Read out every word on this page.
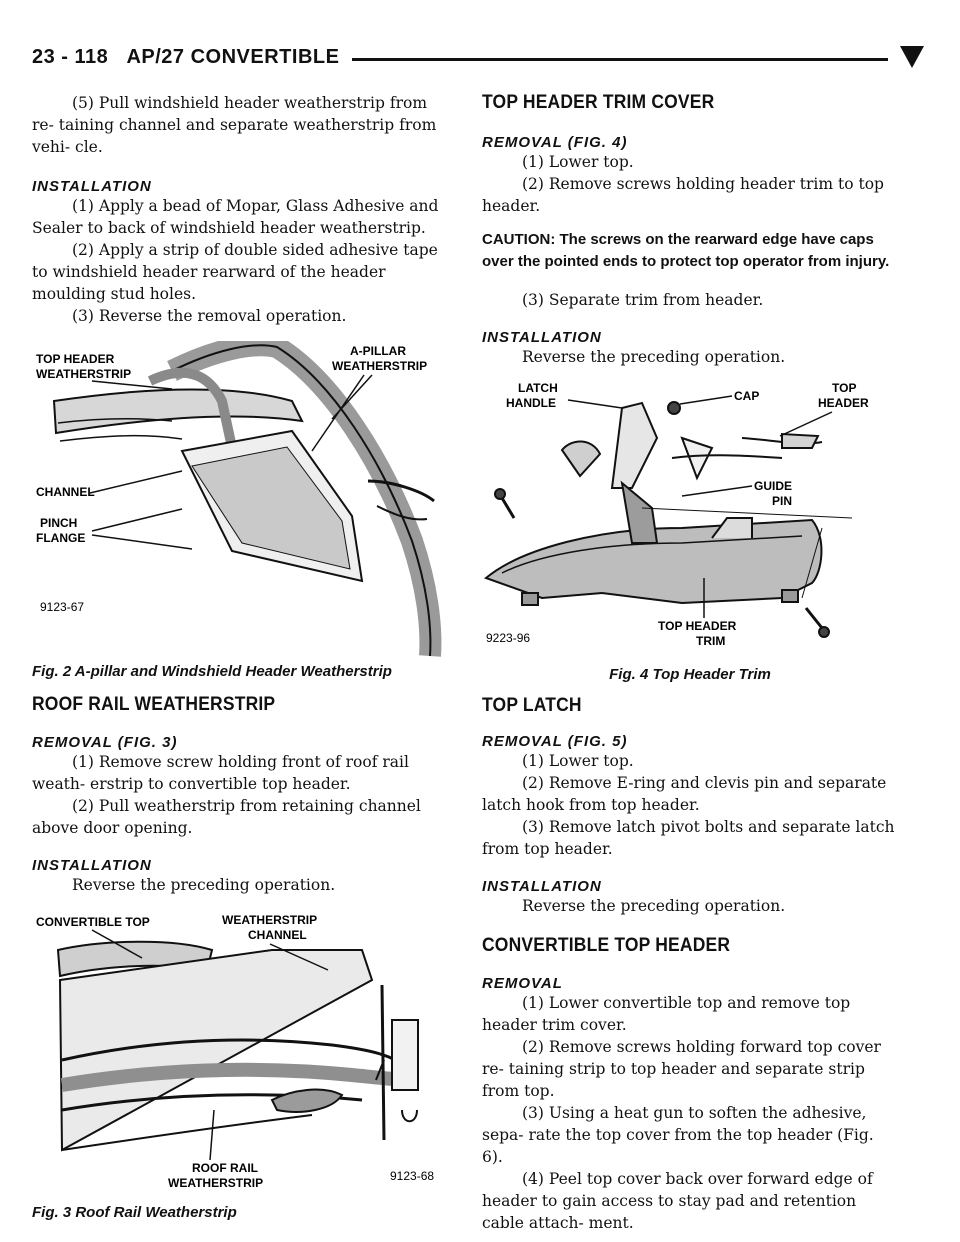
23 - 118 AP/27 CONVERTIBLE

(5) Pull windshield header weatherstrip from re- taining channel and separate weatherstrip from vehi- cle.

INSTALLATION

(1) Apply a bead of Mopar, Glass Adhesive and Sealer to back of windshield header weatherstrip.

(2) Apply a strip of double sided adhesive tape to windshield header rearward of the header moulding stud holes.

(3) Reverse the removal operation.

TOP HEADER
WEATHERSTRIP
A-PILLAR
WEATHERSTRIP
CHANNEL
PINCH
FLANGE
9123-67
Fig. 2 A-pillar and Windshield Header Weatherstrip
ROOF RAIL WEATHERSTRIP
REMOVAL (FIG. 3)

(1) Remove screw holding front of roof rail weath- erstrip to convertible top header.

(2) Pull weatherstrip from retaining channel above door opening.

INSTALLATION

Reverse the preceding operation.

CONVERTIBLE TOP	WEATHERSTRIP
CHANNEL
ROOF RAIL
WEATHERSTRIP	9123-68
Fig. 3 Roof Rail Weatherstrip
TOP HEADER TRIM COVER
REMOVAL (FIG. 4)

(1) Lower top.

(2) Remove screws holding header trim to top header.

CAUTION: The screws on the rearward edge have caps over the pointed ends to protect top operator from injury.

(3) Separate trim from header.

INSTALLATION

Reverse the preceding operation.

LATCH
HANDLE	CAP
TOP
HEADER
GUIDE
PIN
TOP HEADER
TRIM
9223-96
Fig. 4 Top Header Trim
TOP LATCH
REMOVAL (FIG. 5)

(1) Lower top.

(2) Remove E-ring and clevis pin and separate latch hook from top header.

(3) Remove latch pivot bolts and separate latch from top header.

INSTALLATION

Reverse the preceding operation.

CONVERTIBLE TOP HEADER
REMOVAL

(1) Lower convertible top and remove top header trim cover.

(2) Remove screws holding forward top cover re- taining strip to top header and separate strip from top.

(3) Using a heat gun to soften the adhesive, sepa- rate the top cover from the top header (Fig. 6).

(4) Peel top cover back over forward edge of header to gain access to stay pad and retention cable attach- ment.
